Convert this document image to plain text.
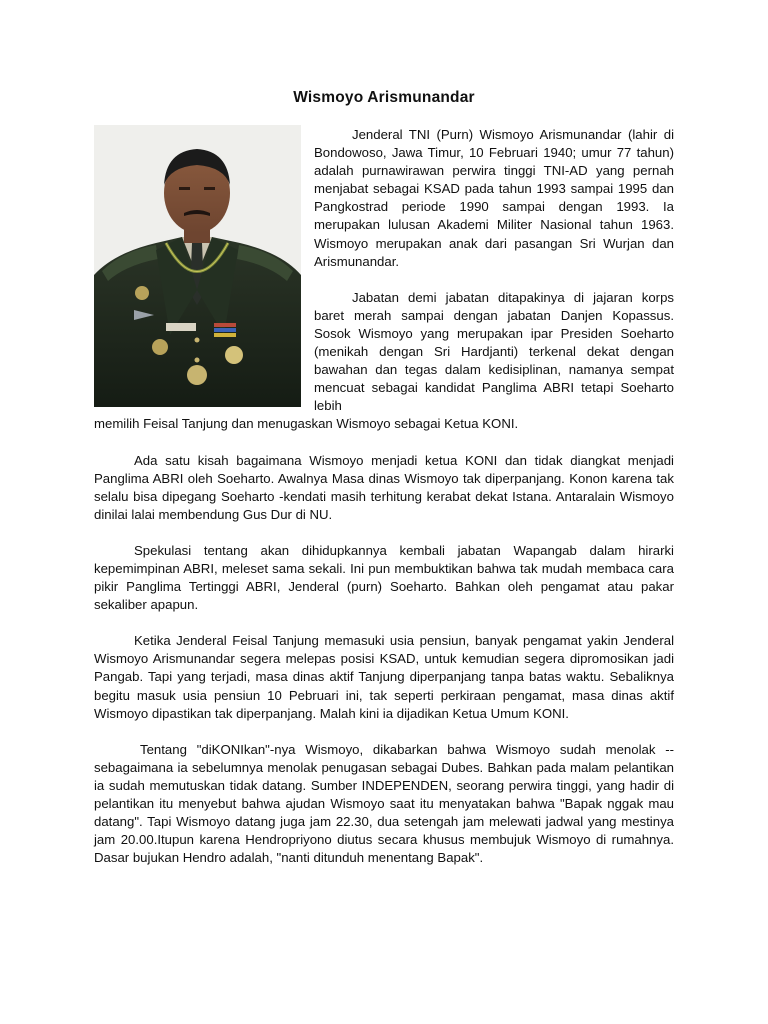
Wismoyo Arismunandar

Jenderal TNI (Purn) Wismoyo Arismunandar (lahir di Bondowoso, Jawa Timur, 10 Februari 1940; umur 77 tahun) adalah purnawirawan perwira tinggi TNI-AD yang pernah menjabat sebagai KSAD pada tahun 1993 sampai 1995 dan Pangkostrad periode 1990 sampai dengan 1993. Ia merupakan lulusan Akademi Militer Nasional tahun 1963. Wismoyo merupakan anak dari pasangan Sri Wurjan dan Arismunandar.

Jabatan demi jabatan ditapakinya di jajaran korps baret merah sampai dengan jabatan Danjen Kopassus. Sosok Wismoyo yang merupakan ipar Presiden Soeharto (menikah dengan Sri Hardjanti) terkenal dekat dengan bawahan dan tegas dalam kedisiplinan, namanya sempat mencuat sebagai kandidat Panglima ABRI tetapi Soeharto lebih

memilih Feisal Tanjung dan menugaskan Wismoyo sebagai Ketua KONI.

Ada satu kisah bagaimana Wismoyo menjadi ketua KONI dan tidak diangkat menjadi Panglima ABRI oleh Soeharto. Awalnya Masa dinas Wismoyo tak diperpanjang. Konon karena tak selalu bisa dipegang Soeharto -kendati masih terhitung kerabat dekat Istana. Antaralain Wismoyo dinilai lalai membendung Gus Dur di NU.

Spekulasi tentang akan dihidupkannya kembali jabatan Wapangab dalam hirarki kepemimpinan ABRI, meleset sama sekali. Ini pun membuktikan bahwa tak mudah membaca cara pikir Panglima Tertinggi ABRI, Jenderal (purn) Soeharto. Bahkan oleh pengamat atau pakar sekaliber apapun.

Ketika Jenderal Feisal Tanjung memasuki usia pensiun, banyak pengamat yakin Jenderal Wismoyo Arismunandar segera melepas posisi KSAD, untuk kemudian segera dipromosikan jadi Pangab. Tapi yang terjadi, masa dinas aktif Tanjung diperpanjang tanpa batas waktu. Sebaliknya begitu masuk usia pensiun 10 Pebruari ini, tak seperti perkiraan pengamat, masa dinas aktif Wismoyo dipastikan tak diperpanjang. Malah kini ia dijadikan Ketua Umum KONI.

Tentang "diKONIkan"-nya Wismoyo, dikabarkan bahwa Wismoyo sudah menolak -- sebagaimana ia sebelumnya menolak penugasan sebagai Dubes. Bahkan pada malam pelantikan ia sudah memutuskan tidak datang. Sumber INDEPENDEN, seorang perwira tinggi, yang hadir di pelantikan itu menyebut bahwa ajudan Wismoyo saat itu menyatakan bahwa "Bapak nggak mau datang". Tapi Wismoyo datang juga jam 22.30, dua setengah jam melewati jadwal yang mestinya jam 20.00.Itupun karena Hendropriyono diutus secara khusus membujuk Wismoyo di rumahnya. Dasar bujukan Hendro adalah, "nanti ditunduh menentang Bapak".
